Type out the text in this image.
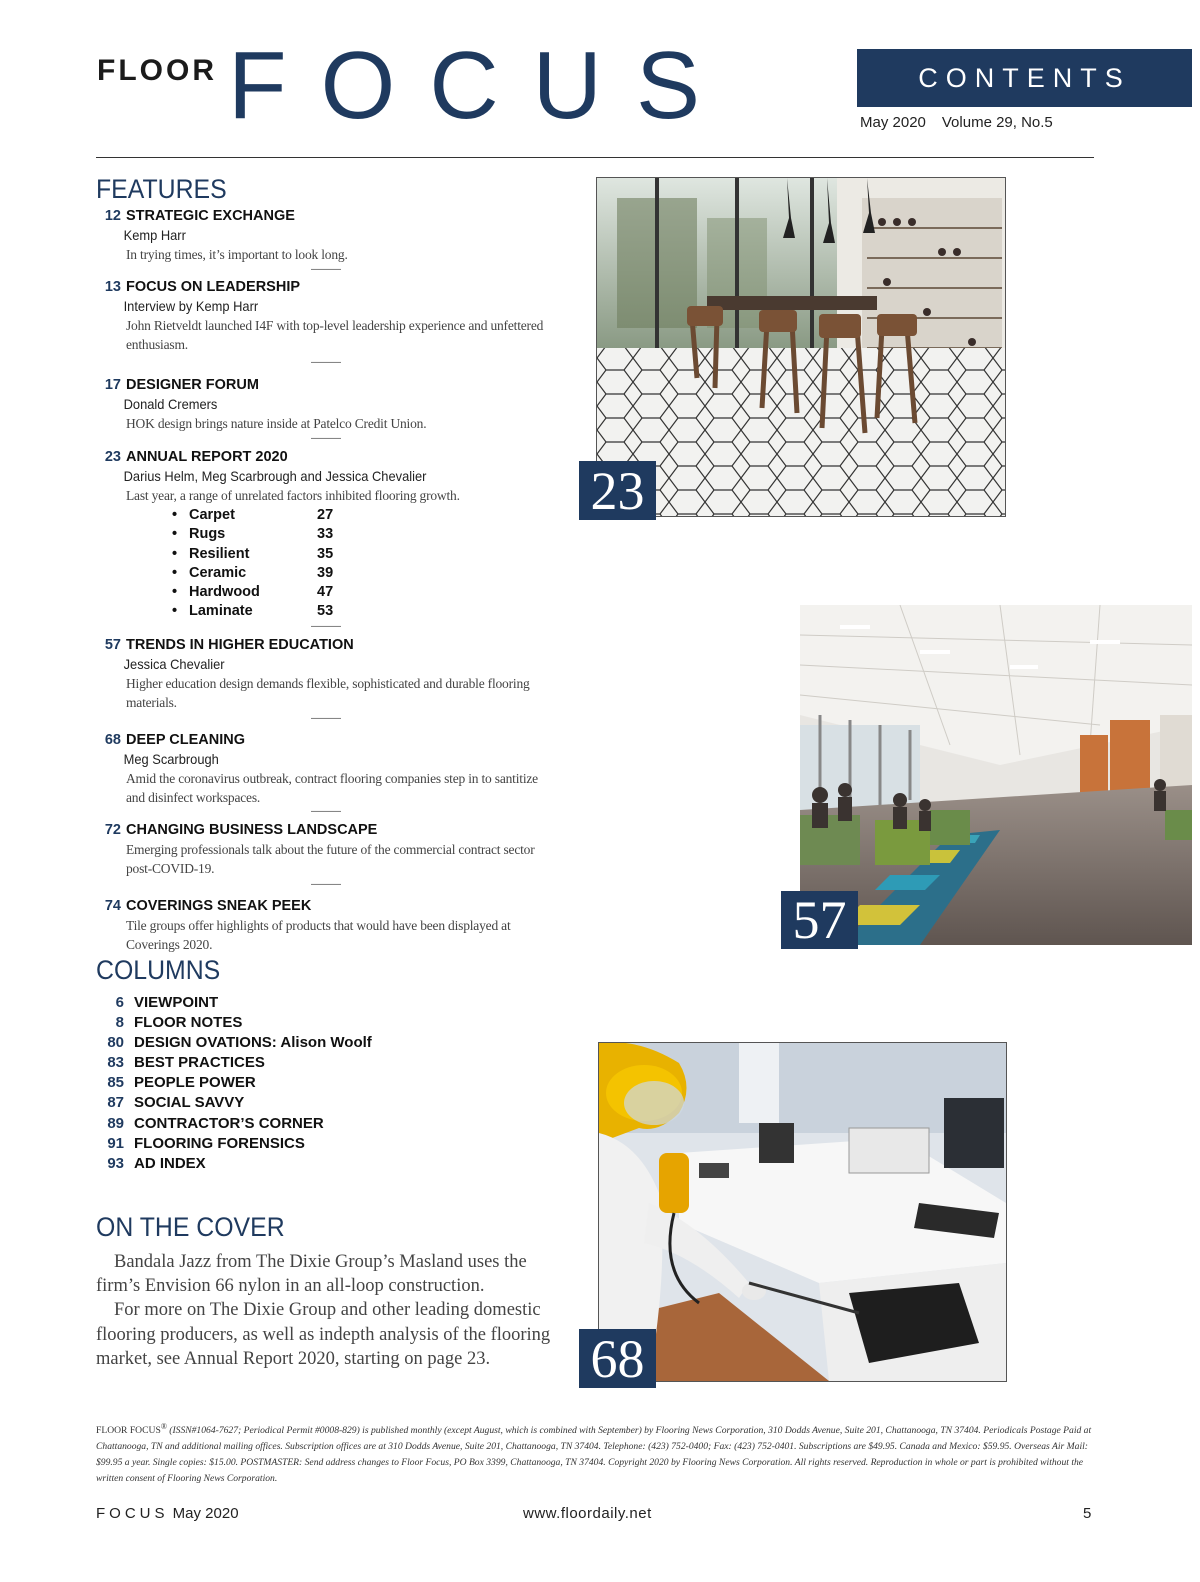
FLOOR FOCUS	CONTENTS
May 2020 Volume 29, No.5
FEATURES
12 STRATEGIC EXCHANGE
Kemp Harr
In trying times, it’s important to look long.
———
13 FOCUS ON LEADERSHIP
Interview by Kemp Harr
John Rietveldt launched I4F with top-level leadership experience and unfettered enthusiasm.
———
17 DESIGNER FORUM
Donald Cremers
HOK design brings nature inside at Patelco Credit Union.
———
23 ANNUAL REPORT 2020
Darius Helm, Meg Scarbrough and Jessica Chevalier
Last year, a range of unrelated factors inhibited flooring growth.
• Carpet	27
• Rugs	33
• Resilient	35
• Ceramic	39
• Hardwood	47
• Laminate	53
———
57 TRENDS IN HIGHER EDUCATION
Jessica Chevalier
Higher education design demands flexible, sophisticated and durable flooring materials.
———
68 DEEP CLEANING
Meg Scarbrough
Amid the coronavirus outbreak, contract flooring companies step in to santitize and disinfect workspaces.
———
72 CHANGING BUSINESS LANDSCAPE
Emerging professionals talk about the future of the commercial contract sector post-COVID-19.
———
74 COVERINGS SNEAK PEEK
Tile groups offer highlights of products that would have been displayed at Coverings 2020.
COLUMNS
6 VIEWPOINT
8 FLOOR NOTES
80 DESIGN OVATIONS: Alison Woolf
83 BEST PRACTICES
85 PEOPLE POWER
87 SOCIAL SAVVY
89 CONTRACTOR’S CORNER
91 FLOORING FORENSICS
93 AD INDEX
ON THE COVER

Bandala Jazz from The Dixie Group’s Masland uses the firm’s Envision 66 nylon in an all-loop construction.

For more on The Dixie Group and other leading domestic flooring producers, as well as indepth analysis of the flooring market, see Annual Report 2020, starting on page 23.

23
57
68
FLOOR FOCUS® (ISSN#1064-7627; Periodical Permit #0008-829) is published monthly (except August, which is combined with September) by Flooring News Corporation, 310 Dodds Avenue, Suite 201, Chattanooga, TN 37404. Periodicals Postage Paid at Chattanooga, TN and additional mailing offices. Subscription offices are at 310 Dodds Avenue, Suite 201, Chattanooga, TN 37404. Telephone: (423) 752-0400; Fax: (423) 752-0401. Subscriptions are $49.95. Canada and Mexico: $59.95. Overseas Air Mail: $99.95 a year. Single copies: $15.00. POSTMASTER: Send address changes to Floor Focus, PO Box 3399, Chattanooga, TN 37404. Copyright 2020 by Flooring News Corporation. All rights reserved. Reproduction in whole or part is prohibited without the written consent of Flooring News Corporation.
FOCUS May 2020	www.floordaily.net	5
